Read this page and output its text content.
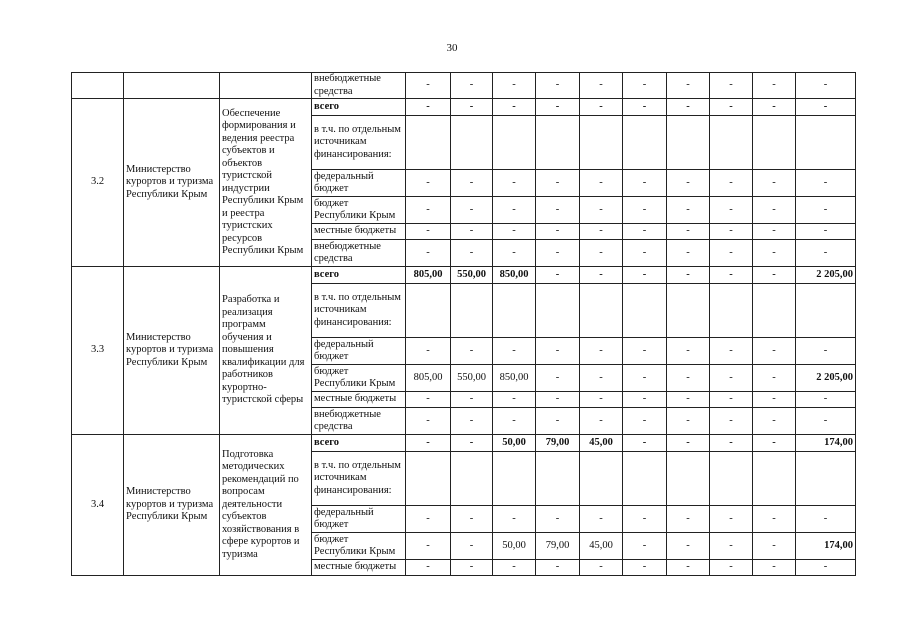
30
			внебюджетные средства	-	-	-	-	-	-	-	-	-	-
3.2	Министерство курортов и туризма Республики Крым	Обеспечение формирования и ведения реестра субъектов и объектов туристской индустрии Республики Крым и реестра туристских ресурсов Республики Крым	всего	-	-	-	-	-	-	-	-	-	-
			в т.ч. по отдельным источникам финансирования:										
			федеральный бюджет	-	-	-	-	-	-	-	-	-	-
			бюджет Республики Крым	-	-	-	-	-	-	-	-	-	-
			местные бюджеты	-	-	-	-	-	-	-	-	-	-
			внебюджетные средства	-	-	-	-	-	-	-	-	-	-
3.3	Министерство курортов и туризма Республики Крым	Разработка и реализация программ обучения и повышения квалификации для работников курортно-туристской сферы	всего	805,00	550,00	850,00	-	-	-	-	-	-	2 205,00
			в т.ч. по отдельным источникам финансирования:										
			федеральный бюджет	-	-	-	-	-	-	-	-	-	-
			бюджет Республики Крым	805,00	550,00	850,00	-	-	-	-	-	-	2 205,00
			местные бюджеты	-	-	-	-	-	-	-	-	-	-
			внебюджетные средства	-	-	-	-	-	-	-	-	-	-
3.4	Министерство курортов и туризма Республики Крым	Подготовка методических рекомендаций по вопросам деятельности субъектов хозяйствования в сфере курортов и туризма	всего	-	-	50,00	79,00	45,00	-	-	-	-	174,00
			в т.ч. по отдельным источникам финансирования:										
			федеральный бюджет	-	-	-	-	-	-	-	-	-	-
			бюджет Республики Крым	-	-	50,00	79,00	45,00	-	-	-	-	174,00
			местные бюджеты	-	-	-	-	-	-	-	-	-	-
